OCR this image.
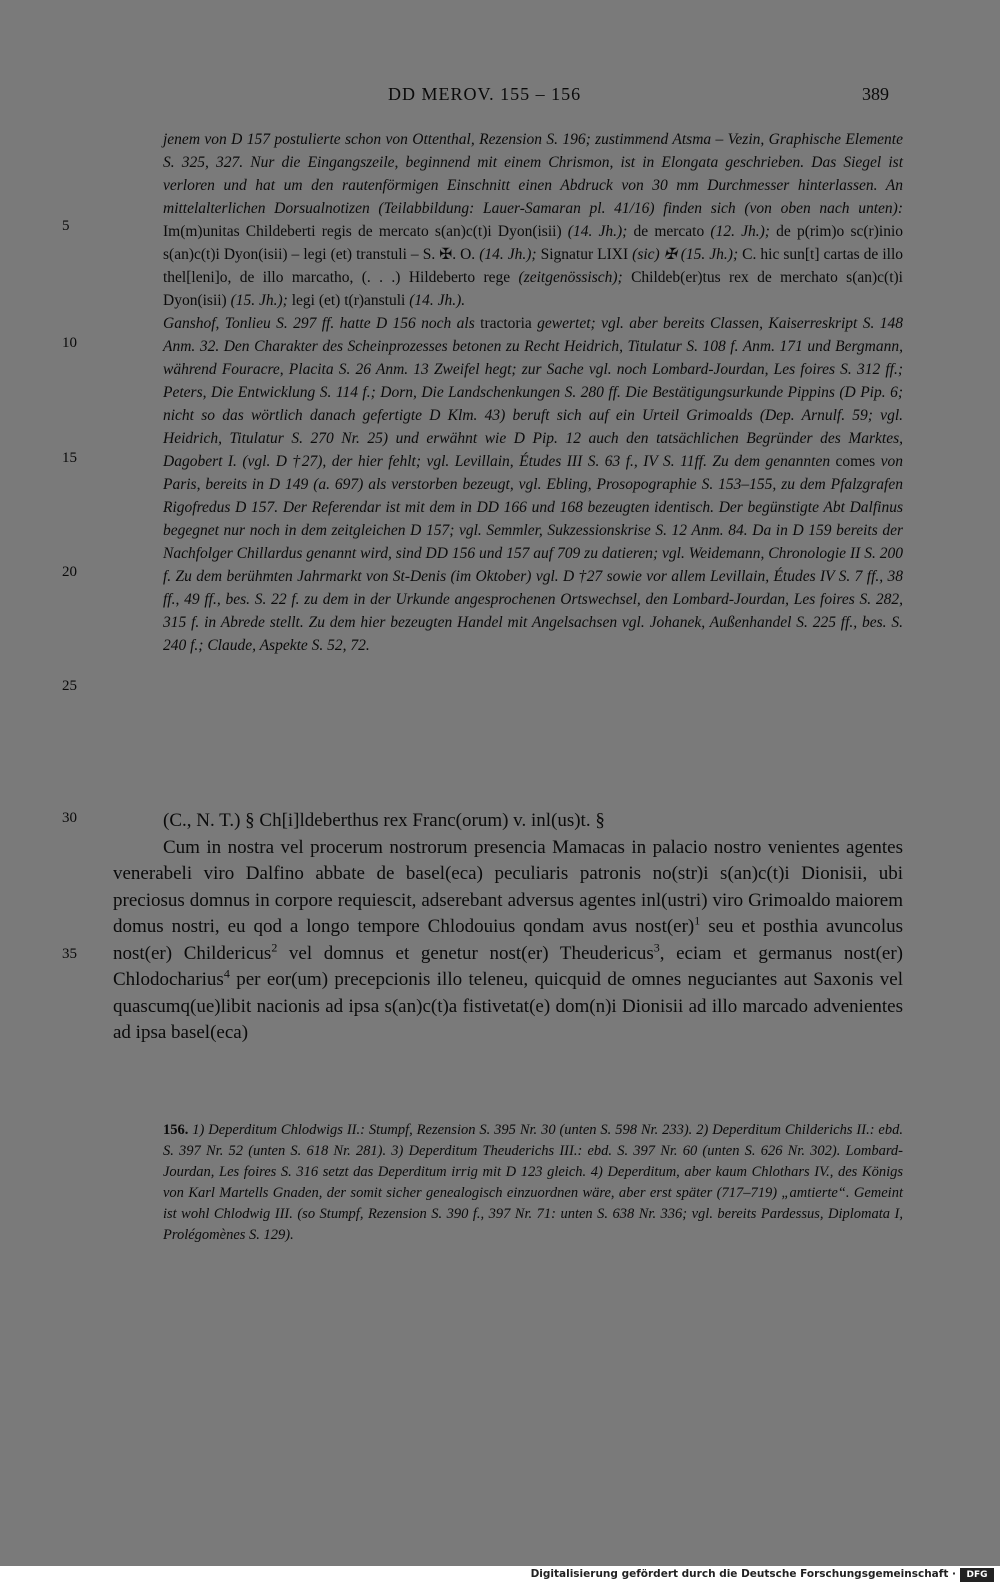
DD MEROV. 155 – 156	389
5
10
15
20
25
30
35

jenem von D 157 postulierte schon von Ottenthal, Rezension S. 196; zustimmend Atsma – Vezin, Graphische Elemente S. 325, 327. Nur die Eingangszeile, beginnend mit einem Chrismon, ist in Elongata geschrieben. Das Siegel ist verloren und hat um den rautenförmigen Einschnitt einen Abdruck von 30 mm Durchmesser hinterlassen. An mittelalterlichen Dorsualnotizen (Teilabbildung: Lauer-Samaran pl. 41/16) finden sich (von oben nach unten): Im(m)unitas Childeberti regis de mercato s(an)c(t)i Dyon(isii) (14. Jh.); de mercato (12. Jh.); de p(rim)o sc(r)inio s(an)c(t)i Dyon(isii) – legi (et) transtuli – S. ✠. O. (14. Jh.); Signatur LIXI (sic) ✠ (15. Jh.); C. hic sun[t] cartas de illo thel[leni]o, de illo marcatho, (. . .) Hildeberto rege (zeitgenössisch); Childeb(er)tus rex de merchato s(an)c(t)i Dyon(isii) (15. Jh.); legi (et) t(r)anstuli (14. Jh.).

Ganshof, Tonlieu S. 297 ff. hatte D 156 noch als tractoria gewertet; vgl. aber bereits Classen, Kaiserreskript S. 148 Anm. 32. Den Charakter des Scheinprozesses betonen zu Recht Heidrich, Titulatur S. 108 f. Anm. 171 und Bergmann, während Fouracre, Placita S. 26 Anm. 13 Zweifel hegt; zur Sache vgl. noch Lombard-Jourdan, Les foires S. 312 ff.; Peters, Die Entwicklung S. 114 f.; Dorn, Die Landschenkungen S. 280 ff. Die Bestätigungsurkunde Pippins (D Pip. 6; nicht so das wörtlich danach gefertigte D Klm. 43) beruft sich auf ein Urteil Grimoalds (Dep. Arnulf. 59; vgl. Heidrich, Titulatur S. 270 Nr. 25) und erwähnt wie D Pip. 12 auch den tatsächlichen Begründer des Marktes, Dagobert I. (vgl. D †27), der hier fehlt; vgl. Levillain, Études III S. 63 f., IV S. 11ff. Zu dem genannten comes von Paris, bereits in D 149 (a. 697) als verstorben bezeugt, vgl. Ebling, Prosopographie S. 153–155, zu dem Pfalzgrafen Rigofredus D 157. Der Referendar ist mit dem in DD 166 und 168 bezeugten identisch. Der begünstigte Abt Dalfinus begegnet nur noch in dem zeitgleichen D 157; vgl. Semmler, Sukzessionskrise S. 12 Anm. 84. Da in D 159 bereits der Nachfolger Chillardus genannt wird, sind DD 156 und 157 auf 709 zu datieren; vgl. Weidemann, Chronologie II S. 200 f. Zu dem berühmten Jahrmarkt von St-Denis (im Oktober) vgl. D †27 sowie vor allem Levillain, Études IV S. 7 ff., 38 ff., 49 ff., bes. S. 22 f. zu dem in der Urkunde angesprochenen Ortswechsel, den Lombard-Jourdan, Les foires S. 282, 315 f. in Abrede stellt. Zu dem hier bezeugten Handel mit Angelsachsen vgl. Johanek, Außenhandel S. 225 ff., bes. S. 240 f.; Claude, Aspekte S. 52, 72.

(C., N. T.) § Ch[i]ldeberthus rex Franc(orum) v. inl(us)t. §

Cum in nostra vel procerum nostrorum presencia Mamacas in palacio nostro venientes agentes venerabeli viro Dalfino abbate de basel(eca) peculiaris patronis no(str)i s(an)c(t)i Dionisii, ubi preciosus domnus in corpore requiescit, adserebant adversus agentes inl(ustri) viro Grimoaldo maiorem domus nostri, eu qod a longo tempore Chlodouius qondam avus nost(er)$^1$ seu et posthia avuncolus nost(er) Childericus$^2$ vel domnus et genetur nost(er) Theudericus$^3$, eciam et germanus nost(er) Chlodocharius$^4$ per eor(um) precepcionis illo teleneu, quicquid de omnes neguciantes aut Saxonis vel quascumq(ue)libit nacionis ad ipsa s(an)c(t)a fistivetat(e) dom(n)i Dionisii ad illo marcado advenientes ad ipsa basel(eca)

156. 1) Deperditum Chlodwigs II.: Stumpf, Rezension S. 395 Nr. 30 (unten S. 598 Nr. 233). 2) Deperditum Childerichs II.: ebd. S. 397 Nr. 52 (unten S. 618 Nr. 281). 3) Deperditum Theuderichs III.: ebd. S. 397 Nr. 60 (unten S. 626 Nr. 302). Lombard-Jourdan, Les foires S. 316 setzt das Deperditum irrig mit D 123 gleich. 4) Deperditum, aber kaum Chlothars IV., des Königs von Karl Martells Gnaden, der somit sicher genealogisch einzuordnen wäre, aber erst später (717–719) „amtierte“. Gemeint ist wohl Chlodwig III. (so Stumpf, Rezension S. 390 f., 397 Nr. 71: unten S. 638 Nr. 336; vgl. bereits Pardessus, Diplomata I, Prolégomènes S. 129).

Digitalisierung gefördert durch die Deutsche Forschungsgemeinschaft ·	DFG
